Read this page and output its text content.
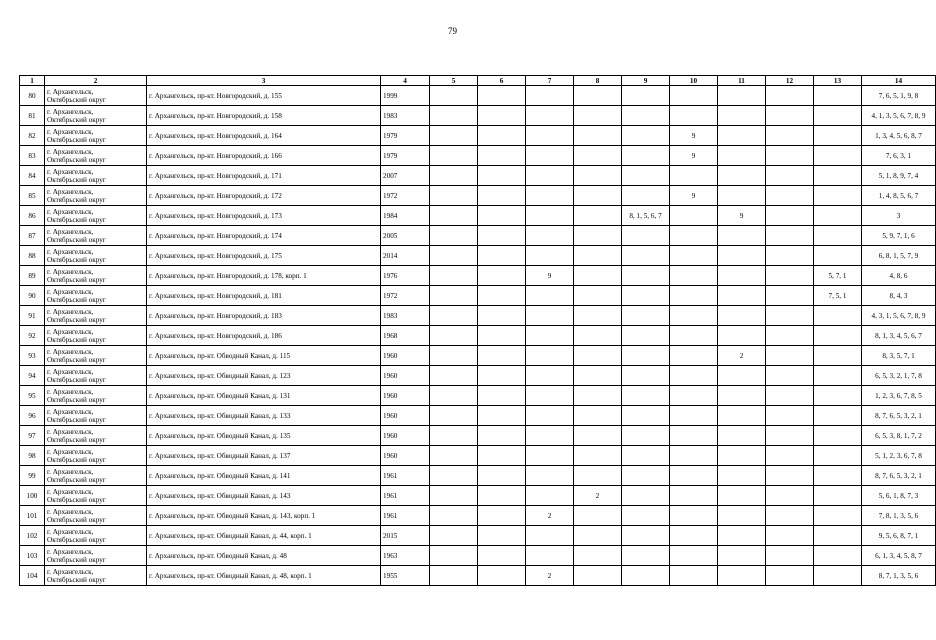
79
1	2	3	4	5	6	7	8	9	10	11	12	13	14
80	г. Архангельск,
Октябрьский округ	г. Архангельск, пр-кт. Новгородский, д. 155	1999										7, 6, 5, 1, 9, 8
81	г. Архангельск,
Октябрьский округ	г. Архангельск, пр-кт. Новгородский, д. 158	1983										4, 1, 3, 5, 6, 7, 8, 9
82	г. Архангельск,
Октябрьский округ	г. Архангельск, пр-кт. Новгородский, д. 164	1979						9				1, 3, 4, 5, 6, 8, 7
83	г. Архангельск,
Октябрьский округ	г. Архангельск, пр-кт. Новгородский, д. 166	1979						9				7, 6, 3, 1
84	г. Архангельск,
Октябрьский округ	г. Архангельск, пр-кт. Новгородский, д. 171	2007										5, 1, 8, 9, 7, 4
85	г. Архангельск,
Октябрьский округ	г. Архангельск, пр-кт. Новгородский, д. 172	1972						9				1, 4, 8, 5, 6, 7
86	г. Архангельск,
Октябрьский округ	г. Архангельск, пр-кт. Новгородский, д. 173	1984					8, 1, 5, 6, 7		9			3
87	г. Архангельск,
Октябрьский округ	г. Архангельск, пр-кт. Новгородский, д. 174	2005										5, 9, 7, 1, 6
88	г. Архангельск,
Октябрьский округ	г. Архангельск, пр-кт. Новгородский, д. 175	2014										6, 8, 1, 5, 7, 9
89	г. Архангельск,
Октябрьский округ	г. Архангельск, пр-кт. Новгородский, д. 178, корп. 1	1976			9						5, 7, 1	4, 8, 6
90	г. Архангельск,
Октябрьский округ	г. Архангельск, пр-кт. Новгородский, д. 181	1972									7, 5, 1	8, 4, 3
91	г. Архангельск,
Октябрьский округ	г. Архангельск, пр-кт. Новгородский, д. 183	1983										4, 3, 1, 5, 6, 7, 8, 9
92	г. Архангельск,
Октябрьский округ	г. Архангельск, пр-кт. Новгородский, д. 186	1968										8, 1, 3, 4, 5, 6, 7
93	г. Архангельск,
Октябрьский округ	г. Архангельск, пр-кт. Обводный Канал, д. 115	1960							2			8, 3, 5, 7, 1
94	г. Архангельск,
Октябрьский округ	г. Архангельск, пр-кт. Обводный Канал, д. 123	1960										6, 5, 3, 2, 1, 7, 8
95	г. Архангельск,
Октябрьский округ	г. Архангельск, пр-кт. Обводный Канал, д. 131	1960										1, 2, 3, 6, 7, 8, 5
96	г. Архангельск,
Октябрьский округ	г. Архангельск, пр-кт. Обводный Канал, д. 133	1960										8, 7, 6, 5, 3, 2, 1
97	г. Архангельск,
Октябрьский округ	г. Архангельск, пр-кт. Обводный Канал, д. 135	1960										6, 5, 3, 8, 1, 7, 2
98	г. Архангельск,
Октябрьский округ	г. Архангельск, пр-кт. Обводный Канал, д. 137	1960										5, 1, 2, 3, 6, 7, 8
99	г. Архангельск,
Октябрьский округ	г. Архангельск, пр-кт. Обводный Канал, д. 141	1961										8, 7, 6, 5, 3, 2, 1
100	г. Архангельск,
Октябрьский округ	г. Архангельск, пр-кт. Обводный Канал, д. 143	1961				2						5, 6, 1, 8, 7, 3
101	г. Архангельск,
Октябрьский округ	г. Архангельск, пр-кт. Обводный Канал, д. 143, корп. 1	1961			2							7, 8, 1, 3, 5, 6
102	г. Архангельск,
Октябрьский округ	г. Архангельск, пр-кт. Обводный Канал, д. 44, корп. 1	2015										9, 5, 6, 8, 7, 1
103	г. Архангельск,
Октябрьский округ	г. Архангельск, пр-кт. Обводный Канал, д. 48	1963										6, 1, 3, 4, 5, 8, 7
104	г. Архангельск,
Октябрьский округ	г. Архангельск, пр-кт. Обводный Канал, д. 48, корп. 1	1955			2							8, 7, 1, 3, 5, 6
